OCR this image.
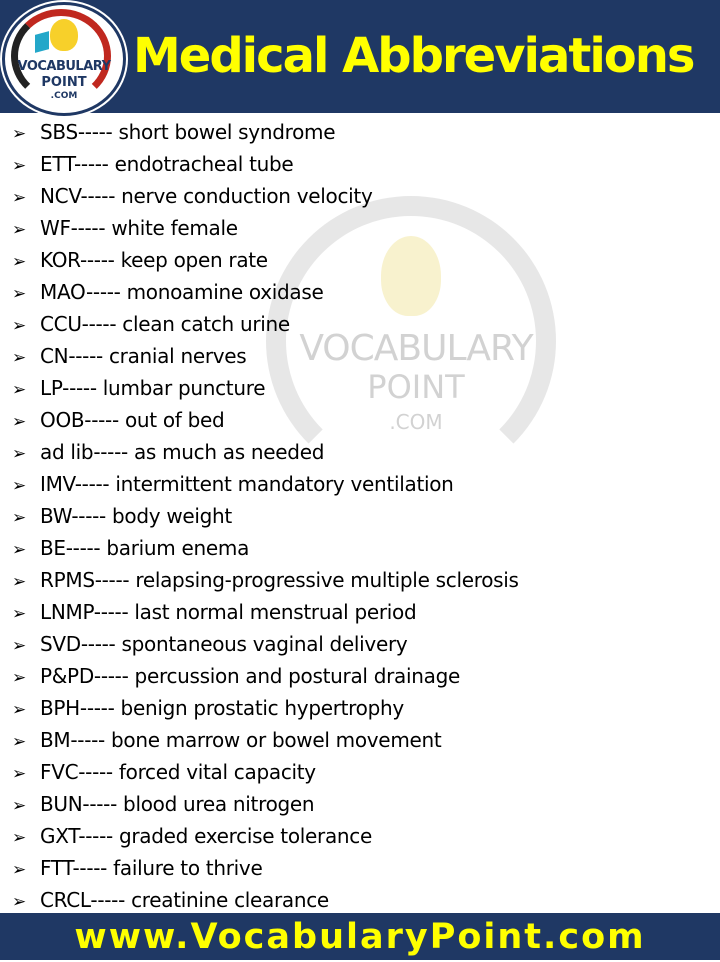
VOCABULARY
POINT
.COM
Medical Abbreviations
VOCABULARY
POINT
.COM
➢ SBS----- short bowel syndrome
➢ ETT----- endotracheal tube
➢ NCV----- nerve conduction velocity
➢ WF----- white female
➢ KOR----- keep open rate
➢ MAO----- monoamine oxidase
➢ CCU----- clean catch urine
➢ CN----- cranial nerves
➢ LP----- lumbar puncture
➢ OOB----- out of bed
➢ ad lib----- as much as needed
➢ IMV----- intermittent mandatory ventilation
➢ BW----- body weight
➢ BE----- barium enema
➢ RPMS----- relapsing-progressive multiple sclerosis
➢ LNMP----- last normal menstrual period
➢ SVD----- spontaneous vaginal delivery
➢ P&PD----- percussion and postural drainage
➢ BPH----- benign prostatic hypertrophy
➢ BM----- bone marrow or bowel movement
➢ FVC----- forced vital capacity
➢ BUN----- blood urea nitrogen
➢ GXT----- graded exercise tolerance
➢ FTT----- failure to thrive
➢ CRCL----- creatinine clearance
www.VocabularyPoint.com
